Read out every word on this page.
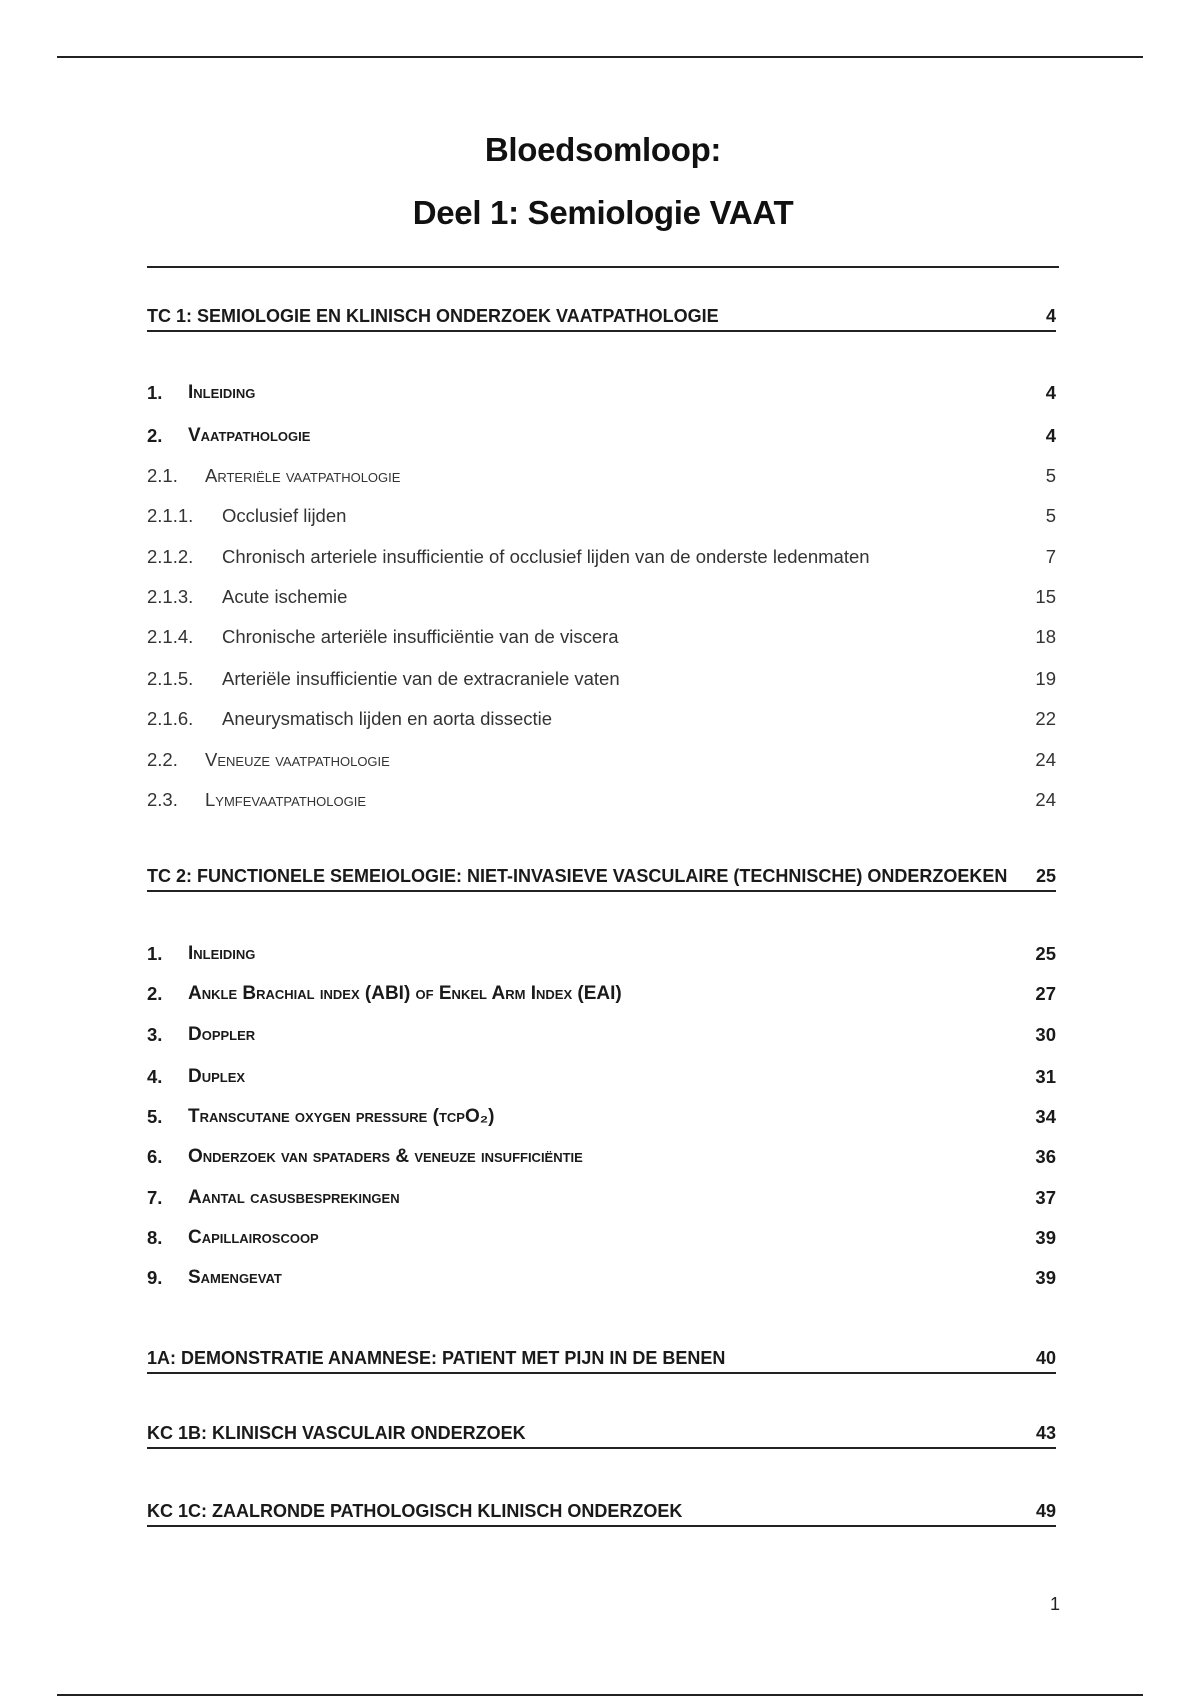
Bloedsomloop:
Deel 1: Semiologie VAAT
TC 1: SEMIOLOGIE EN KLINISCH ONDERZOEK VAATPATHOLOGIE	4
1. Inleiding	4
2. Vaatpathologie	4
2.1. Arteriële vaatpathologie	5
2.1.1. Occlusief lijden	5
2.1.2. Chronisch arteriele insufficientie of occlusief lijden van de onderste ledenmaten	7
2.1.3. Acute ischemie	15
2.1.4. Chronische arteriële insufficiëntie van de viscera	18
2.1.5. Arteriële insufficientie van de extracraniele vaten	19
2.1.6. Aneurysmatisch lijden en aorta dissectie	22
2.2. Veneuze vaatpathologie	24
2.3. Lymfevaatpathologie	24
TC 2: FUNCTIONELE SEMEIOLOGIE: NIET-INVASIEVE VASCULAIRE (TECHNISCHE) ONDERZOEKEN 25
1. Inleiding	25
2. Ankle Brachial index (ABI) of Enkel Arm Index (EAI)	27
3. Doppler	30
4. Duplex	31
5. Transcutane oxygen pressure (tcpO₂)	34
6. Onderzoek van spataders & veneuze insufficiëntie	36
7. Aantal casusbesprekingen	37
8. Capillairoscoop	39
9. Samengevat	39
1A: DEMONSTRATIE ANAMNESE: PATIENT MET PIJN IN DE BENEN	40
KC 1B: KLINISCH VASCULAIR ONDERZOEK	43
KC 1C: ZAALRONDE PATHOLOGISCH KLINISCH ONDERZOEK	49
1
